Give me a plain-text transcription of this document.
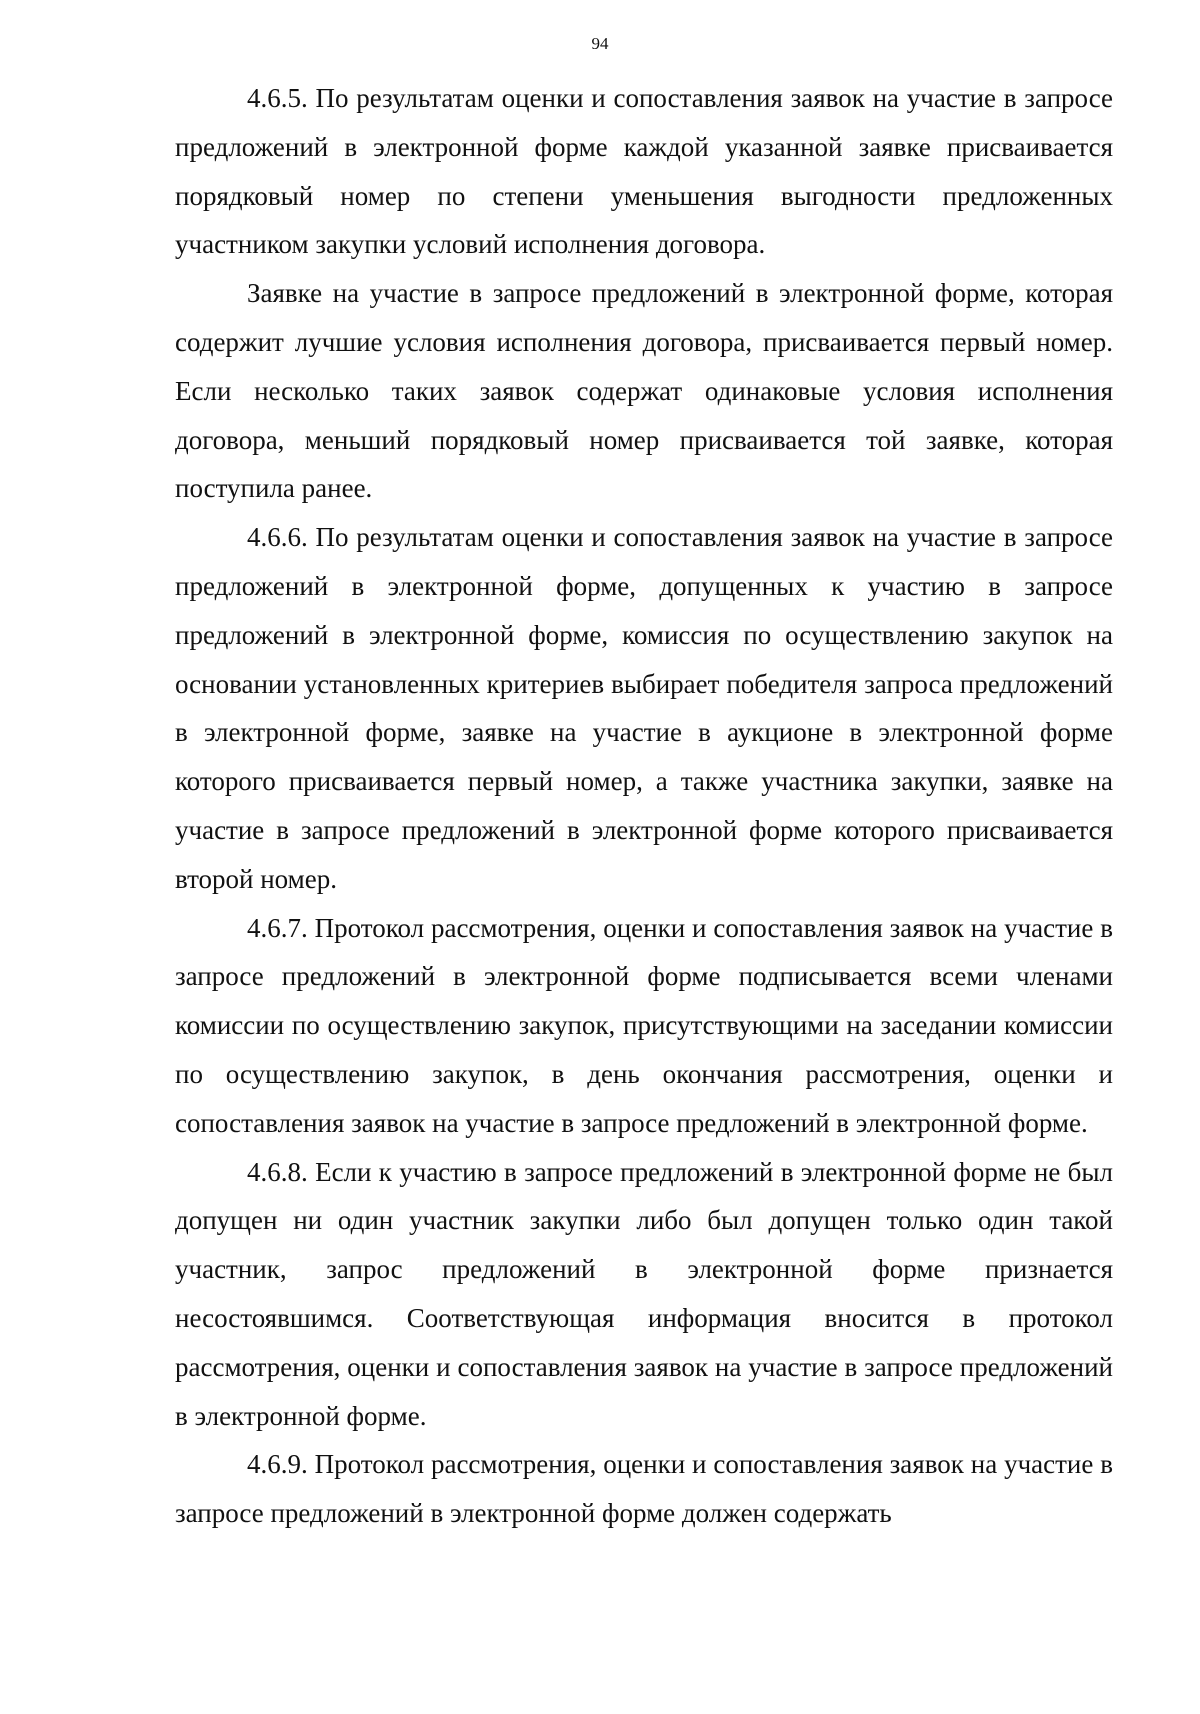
94

4.6.5. По результатам оценки и сопоставления заявок на участие в запросе предложений в электронной форме каждой указанной заявке присваивается порядковый номер по степени уменьшения выгодности предложенных участником закупки условий исполнения договора.

Заявке на участие в запросе предложений в электронной форме, которая содержит лучшие условия исполнения договора, присваивается первый номер. Если несколько таких заявок содержат одинаковые условия исполнения договора, меньший порядковый номер присваивается той заявке, которая поступила ранее.

4.6.6. По результатам оценки и сопоставления заявок на участие в запросе предложений в электронной форме, допущенных к участию в запросе предложений в электронной форме, комиссия по осуществлению закупок на основании установленных критериев выбирает победителя запроса предложений в электронной форме, заявке на участие в аукционе в электронной форме которого присваивается первый номер, а также участника закупки, заявке на участие в запросе предложений в электронной форме которого присваивается второй номер.

4.6.7. Протокол рассмотрения, оценки и сопоставления заявок на участие в запросе предложений в электронной форме подписывается всеми членами комиссии по осуществлению закупок, присутствующими на заседании комиссии по осуществлению закупок, в день окончания рассмотрения, оценки и сопоставления заявок на участие в запросе предложений в электронной форме.

4.6.8. Если к участию в запросе предложений в электронной форме не был допущен ни один участник закупки либо был допущен только один такой участник, запрос предложений в электронной форме признается несостоявшимся. Соответствующая информация вносится в протокол рассмотрения, оценки и сопоставления заявок на участие в запросе предложений в электронной форме.

4.6.9. Протокол рассмотрения, оценки и сопоставления заявок на участие в запросе предложений в электронной форме должен содержать
